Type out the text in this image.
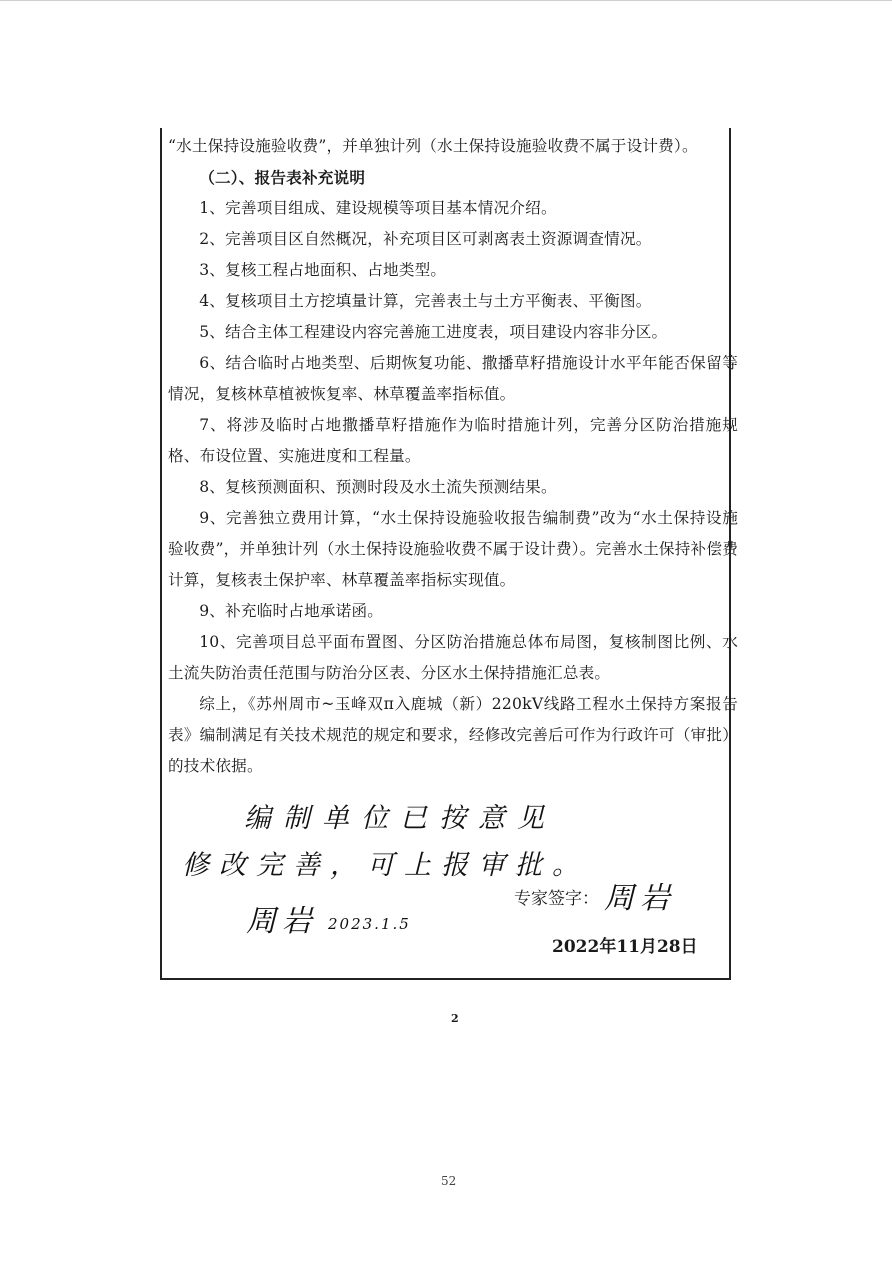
“水土保持设施验收费”，并单独计列（水土保持设施验收费不属于设计费）。

（二）、报告表补充说明

1、完善项目组成、建设规模等项目基本情况介绍。

2、完善项目区自然概况，补充项目区可剥离表土资源调查情况。

3、复核工程占地面积、占地类型。

4、复核项目土方挖填量计算，完善表土与土方平衡表、平衡图。

5、结合主体工程建设内容完善施工进度表，项目建设内容非分区。

6、结合临时占地类型、后期恢复功能、撒播草籽措施设计水平年能否保留等情况，复核林草植被恢复率、林草覆盖率指标值。

7、将涉及临时占地撒播草籽措施作为临时措施计列，完善分区防治措施规格、布设位置、实施进度和工程量。

8、复核预测面积、预测时段及水土流失预测结果。

9、完善独立费用计算，“水土保持设施验收报告编制费”改为“水土保持设施验收费”，并单独计列（水土保持设施验收费不属于设计费）。完善水土保持补偿费计算，复核表土保护率、林草覆盖率指标实现值。

9、补充临时占地承诺函。

10、完善项目总平面布置图、分区防治措施总体布局图，复核制图比例、水土流失防治责任范围与防治分区表、分区水土保持措施汇总表。

综上，《苏州周市~玉峰双π入鹿城（新）220kV线路工程水土保持方案报告表》编制满足有关技术规范的规定和要求，经修改完善后可作为行政许可（审批）的技术依据。

编制单位已按意见
修改完善，可上报审批。
周岩 2023.1.5
专家签字： 周岩
2022年11月28日
2
52
